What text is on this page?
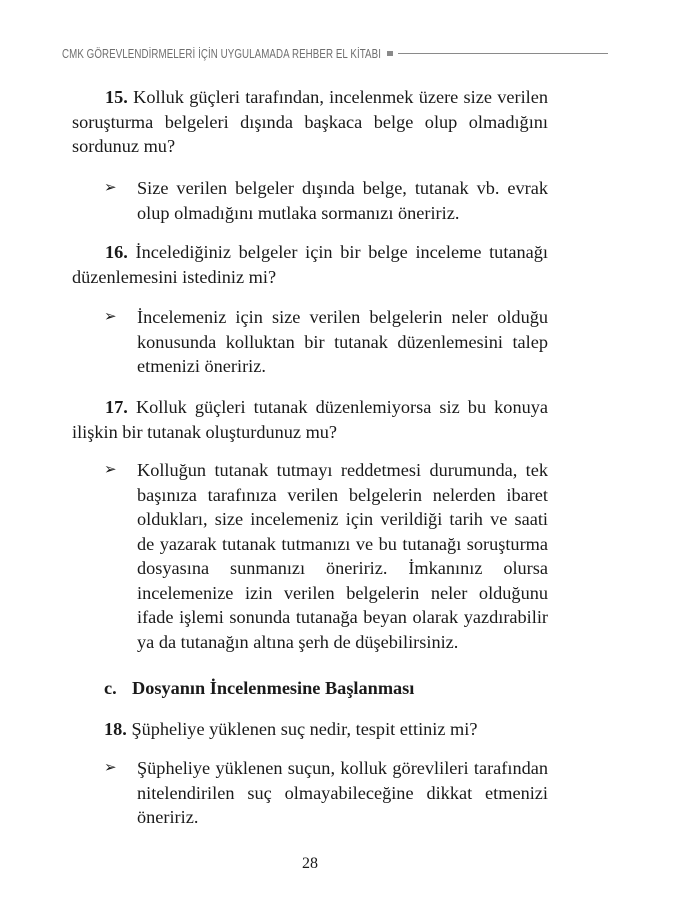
CMK GÖREVLENDİRMELERİ İÇİN UYGULAMADA REHBER EL KİTABI
15. Kolluk güçleri tarafından, incelenmek üzere size verilen soruşturma belgeleri dışında başkaca belge olup olmadığını sordunuz mu?
➢	Size verilen belgeler dışında belge, tutanak vb. evrak olup olmadığını mutlaka sormanızı öneririz.
16. İncelediğiniz belgeler için bir belge inceleme tutanağı düzenlemesini istediniz mi?
➢	İncelemeniz için size verilen belgelerin neler olduğu konusunda kolluktan bir tutanak düzenlemesini talep etmenizi öneririz.
17. Kolluk güçleri tutanak düzenlemiyorsa siz bu konuya ilişkin bir tutanak oluşturdunuz mu?
➢	Kolluğun tutanak tutmayı reddetmesi durumunda, tek başınıza tarafınıza verilen belgelerin nelerden ibaret oldukları, size incelemeniz için verildiği tarih ve saati de yazarak tutanak tutmanızı ve bu tutanağı soruşturma dosyasına sunmanızı öneririz. İmkanınız olursa incelemenize izin verilen belgelerin neler olduğunu ifade işlemi sonunda tutanağa beyan olarak yazdırabilir ya da tutanağın altına şerh de düşebilirsiniz.
c. Dosyanın İncelenmesine Başlanması
18. Şüpheliye yüklenen suç nedir, tespit ettiniz mi?
➢	Şüpheliye yüklenen suçun, kolluk görevlileri tarafından nitelendirilen suç olmayabileceğine dikkat etmenizi öneririz.
28
